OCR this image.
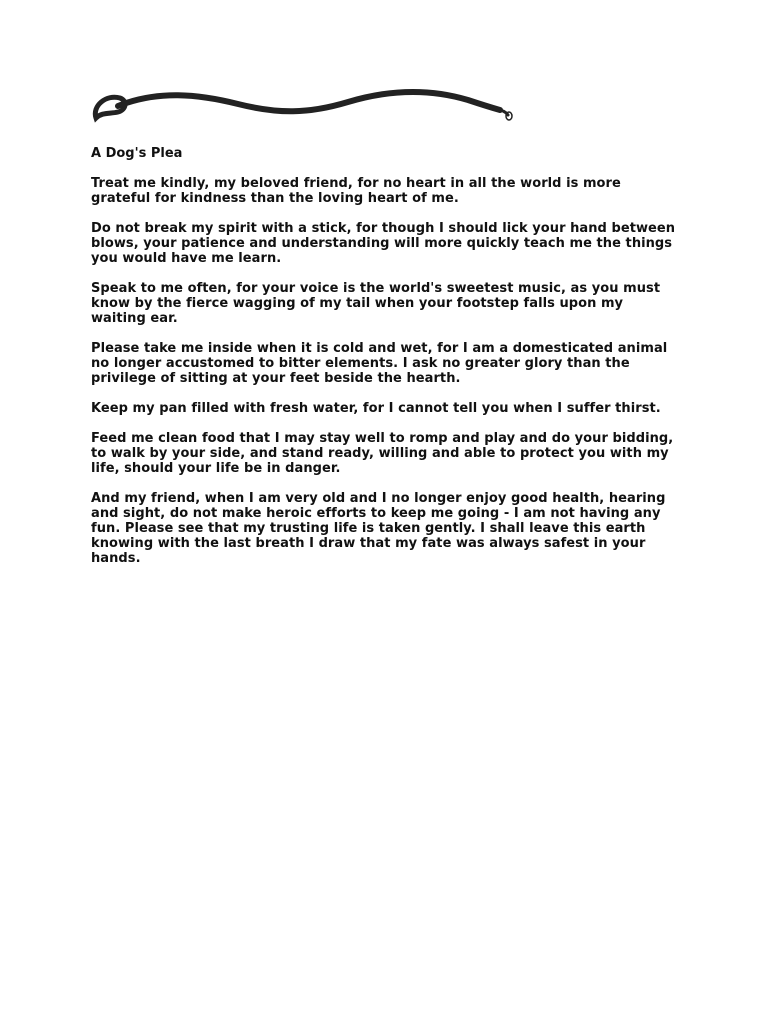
A Dog's Plea

Treat me kindly, my beloved friend, for no heart in all the world is more grateful for kindness than the loving heart of me.

Do not break my spirit with a stick, for though I should lick your hand between blows, your patience and understanding will more quickly teach me the things you would have me learn.

Speak to me often, for your voice is the world's sweetest music, as you must know by the fierce wagging of my tail when your footstep falls upon my waiting ear.

Please take me inside when it is cold and wet, for I am a domesticated animal no longer accustomed to bitter elements. I ask no greater glory than the privilege of sitting at your feet beside the hearth.

Keep my pan filled with fresh water, for I cannot tell you when I suffer thirst.

Feed me clean food that I may stay well to romp and play and do your bidding, to walk by your side, and stand ready, willing and able to protect you with my life, should your life be in danger.

And my friend, when I am very old and I no longer enjoy good health, hearing and sight, do not make heroic efforts to keep me going - I am not having any fun. Please see that my trusting life is taken gently. I shall leave this earth knowing with the last breath I draw that my fate was always safest in your hands.
